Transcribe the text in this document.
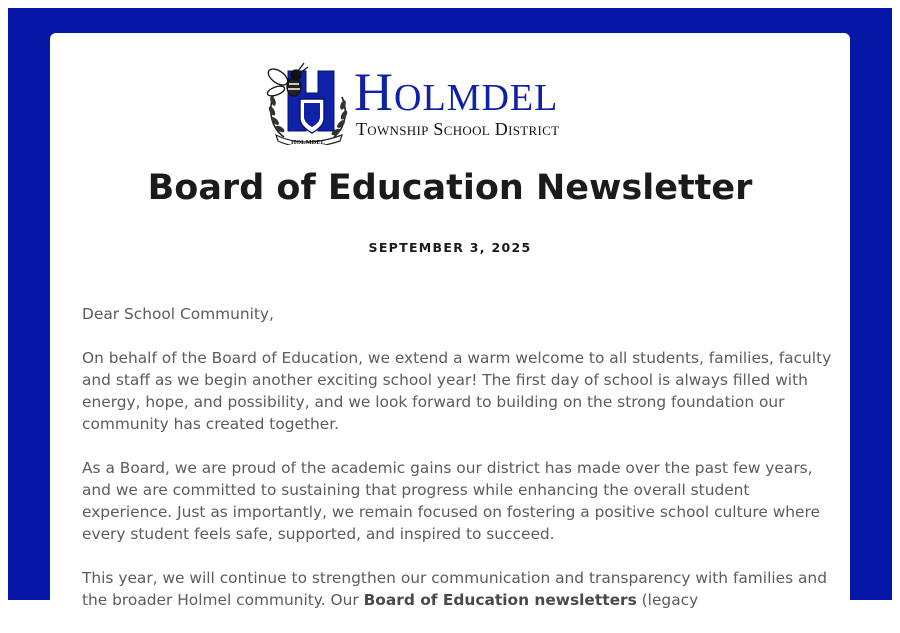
HOLMDEL
Holmdel
Township School District
Board of Education Newsletter
SEPTEMBER 3, 2025

Dear School Community,

On behalf of the Board of Education, we extend a warm welcome to all students, families, faculty and staff as we begin another exciting school year! The first day of school is always filled with energy, hope, and possibility, and we look forward to building on the strong foundation our community has created together.

As a Board, we are proud of the academic gains our district has made over the past few years, and we are committed to sustaining that progress while enhancing the overall student experience. Just as importantly, we remain focused on fostering a positive school culture where every student feels safe, supported, and inspired to succeed.

This year, we will continue to strengthen our communication and transparency with families and the broader Holmel community. Our Board of Education newsletters (legacy
